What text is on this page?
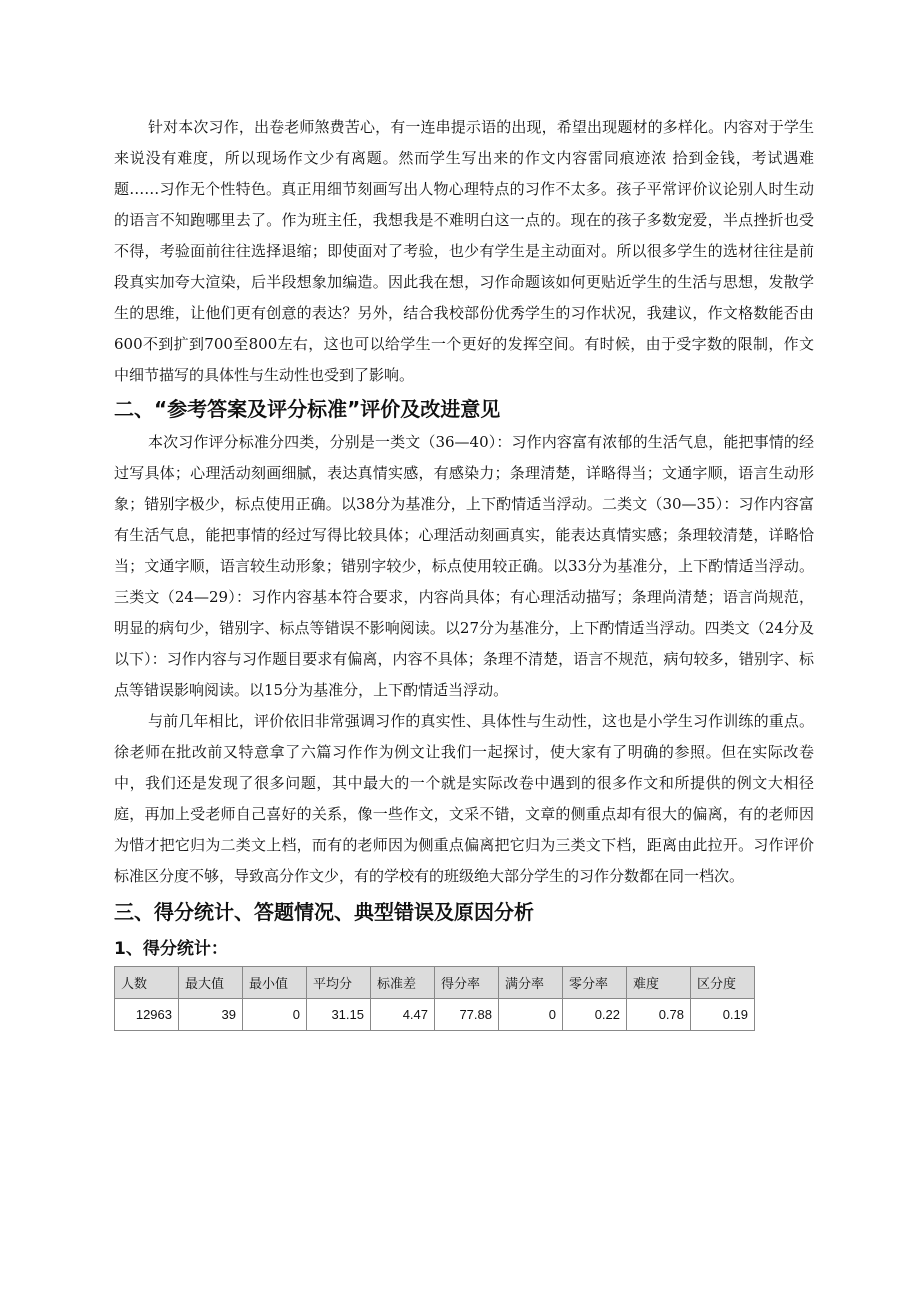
针对本次习作，出卷老师煞费苦心，有一连串提示语的出现，希望出现题材的多样化。内容对于学生来说没有难度，所以现场作文少有离题。然而学生写出来的作文内容雷同痕迹浓 拾到金钱，考试遇难题……习作无个性特色。真正用细节刻画写出人物心理特点的习作不太多。孩子平常评价议论别人时生动的语言不知跑哪里去了。作为班主任，我想我是不难明白这一点的。现在的孩子多数宠爱，半点挫折也受不得，考验面前往往选择退缩；即使面对了考验，也少有学生是主动面对。所以很多学生的选材往往是前段真实加夸大渲染，后半段想象加编造。因此我在想，习作命题该如何更贴近学生的生活与思想，发散学生的思维，让他们更有创意的表达？另外，结合我校部份优秀学生的习作状况，我建议，作文格数能否由600不到扩到700至800左右，这也可以给学生一个更好的发挥空间。有时候，由于受字数的限制，作文中细节描写的具体性与生动性也受到了影响。

二、“参考答案及评分标准”评价及改进意见

本次习作评分标准分四类，分别是一类文（36—40）：习作内容富有浓郁的生活气息，能把事情的经过写具体；心理活动刻画细腻，表达真情实感，有感染力；条理清楚，详略得当；文通字顺，语言生动形象；错别字极少，标点使用正确。以38分为基准分，上下酌情适当浮动。二类文（30—35）：习作内容富有生活气息，能把事情的经过写得比较具体；心理活动刻画真实，能表达真情实感；条理较清楚，详略恰当；文通字顺，语言较生动形象；错别字较少，标点使用较正确。以33分为基准分，上下酌情适当浮动。三类文（24—29）：习作内容基本符合要求，内容尚具体；有心理活动描写；条理尚清楚；语言尚规范，明显的病句少，错别字、标点等错误不影响阅读。以27分为基准分，上下酌情适当浮动。四类文（24分及以下）：习作内容与习作题目要求有偏离，内容不具体；条理不清楚，语言不规范，病句较多，错别字、标点等错误影响阅读。以15分为基准分，上下酌情适当浮动。

与前几年相比，评价依旧非常强调习作的真实性、具体性与生动性，这也是小学生习作训练的重点。徐老师在批改前又特意拿了六篇习作作为例文让我们一起探讨，使大家有了明确的参照。但在实际改卷中，我们还是发现了很多问题，其中最大的一个就是实际改卷中遇到的很多作文和所提供的例文大相径庭，再加上受老师自己喜好的关系，像一些作文，文采不错，文章的侧重点却有很大的偏离，有的老师因为惜才把它归为二类文上档，而有的老师因为侧重点偏离把它归为三类文下档，距离由此拉开。习作评价标准区分度不够，导致高分作文少，有的学校有的班级绝大部分学生的习作分数都在同一档次。

三、得分统计、答题情况、典型错误及原因分析
1、得分统计：
人数	最大值	最小值	平均分	标准差	得分率	满分率	零分率	难度	区分度
12963	39	0	31.15	4.47	77.88	0	0.22	0.78	0.19
